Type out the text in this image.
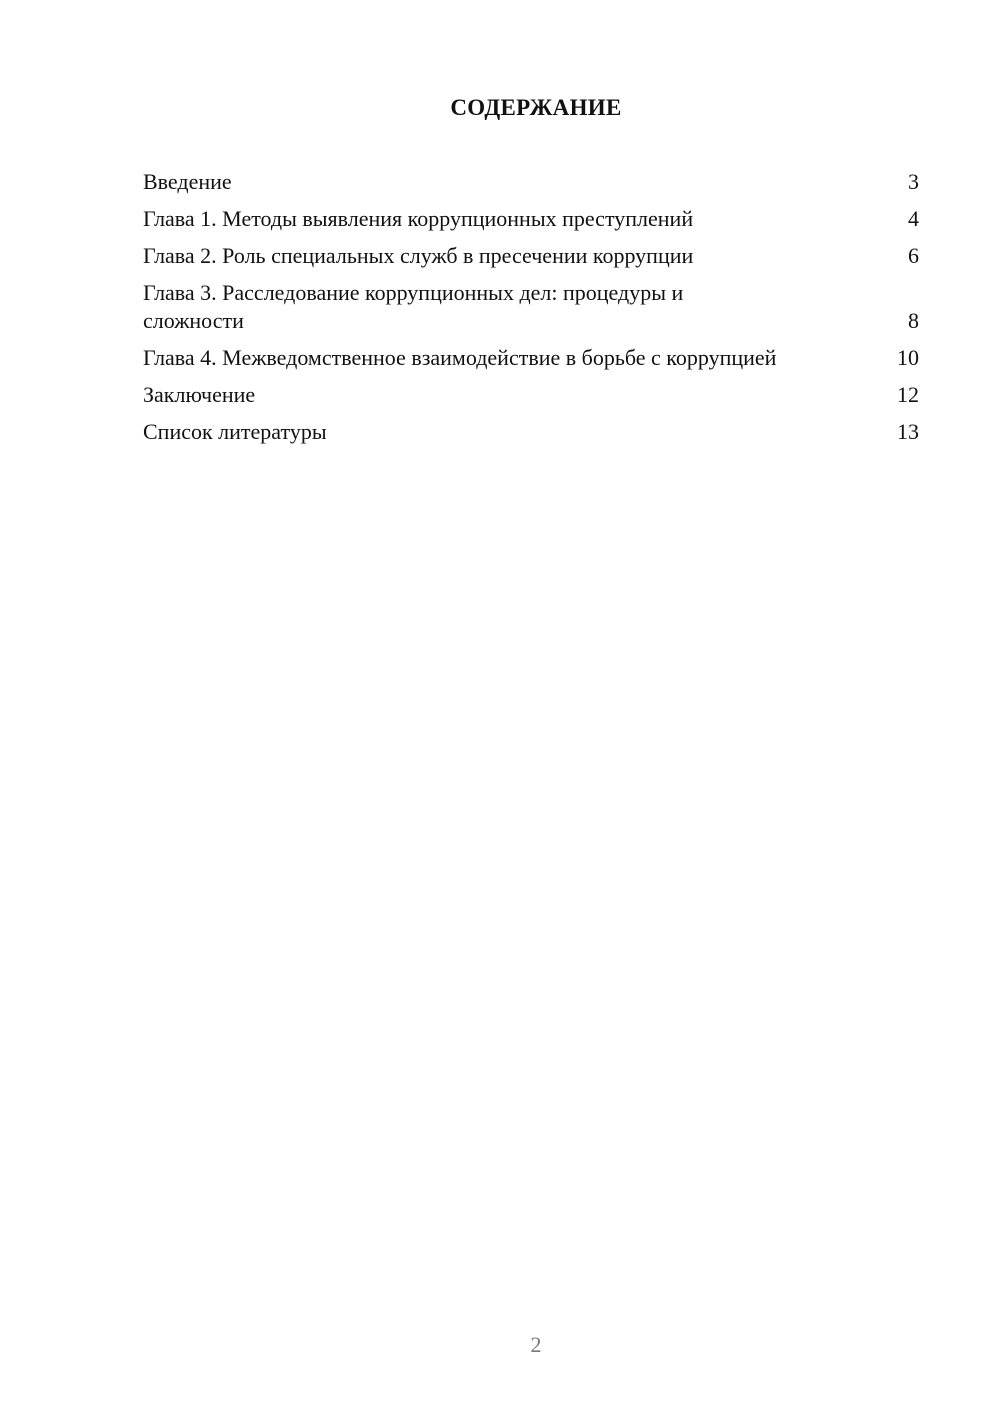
СОДЕРЖАНИЕ
Введение	3
Глава 1. Методы выявления коррупционных преступлений	4
Глава 2. Роль специальных служб в пресечении коррупции	6
Глава 3. Расследование коррупционных дел: процедуры и сложности	8
Глава 4. Межведомственное взаимодействие в борьбе с коррупцией	10
Заключение	12
Список литературы	13
2
